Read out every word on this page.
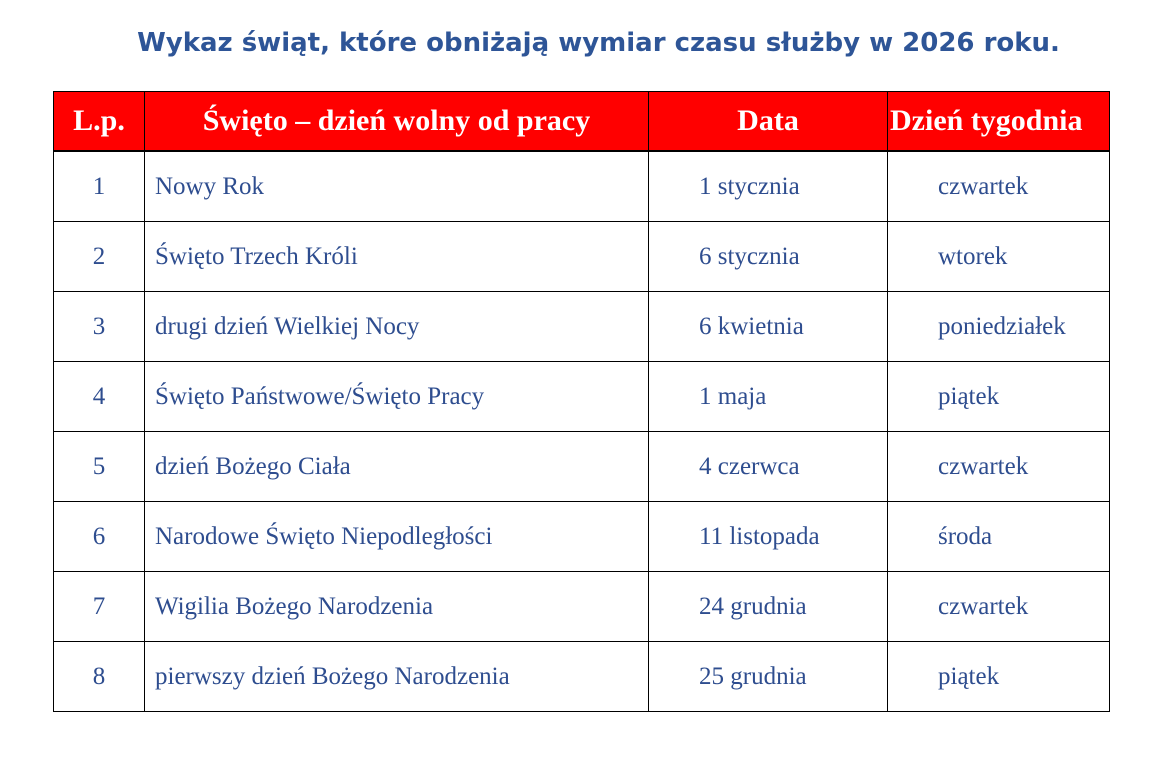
Wykaz świąt, które obniżają wymiar czasu służby w 2026 roku.
L.p.	Święto – dzień wolny od pracy	Data	Dzień tygodnia
1	Nowy Rok	1 stycznia	czwartek
2	Święto Trzech Króli	6 stycznia	wtorek
3	drugi dzień Wielkiej Nocy	6 kwietnia	poniedziałek
4	Święto Państwowe/Święto Pracy	1 maja	piątek
5	dzień Bożego Ciała	4 czerwca	czwartek
6	Narodowe Święto Niepodległości	11 listopada	środa
7	Wigilia Bożego Narodzenia	24 grudnia	czwartek
8	pierwszy dzień Bożego Narodzenia	25 grudnia	piątek
